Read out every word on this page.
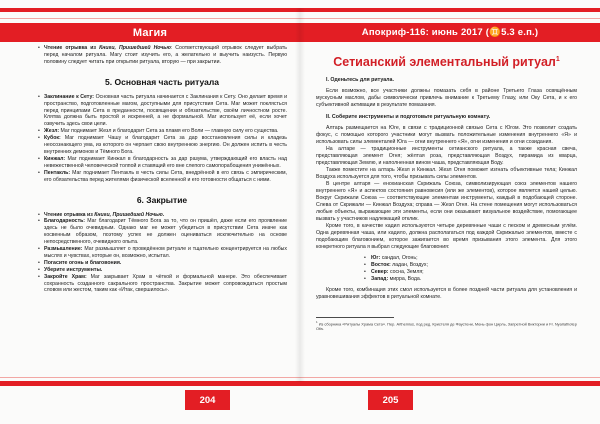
Магия	Апокриф-116: июнь 2017 (♊5.3 е.п.)
• Чтение отрывка из Книги, Пришедшей Ночью: Соответствующий отрывок следует выбрать перед началом ритуала. Магу стоит изучить его, а желательно и выучить наизусть. Первую половину следует читать при открытии ритуала, вторую — при закрытии.
5. Основная часть ритуала
• Заклинание к Сету: Основная часть ритуала начинается с Заклинания к Сету. Оно делает время и пространство, подготовленные магом, доступными для присутствия Сета. Маг может поклясться перед принципами Сета в преданности, посвящении и обязательстве, своём личностном росте. Клятва должна быть простой и искренней, а не формальной. Маг использует её, если хочет озвучить здесь свои цели.
• Жезл: Маг поднимает Жезл и благодарит Сета за пламя его Воли — главную силу его существа.
• Кубок: Маг поднимает Чашу и благодарит Сета за дар восстановления силы и кладезь неосознающего ума, из которого он черпает свою внутреннюю энергию. Он должен испить в честь внутренних демонов и Тёмного Бога.
• Кинжал: Маг поднимает Кинжал в благодарность за дар разума, утверждающий его власть над невежественной человеческой толпой и ставящий его вне слепого самопорабощения унижённых.
• Пентакль: Маг поднимает Пентакль в честь силы Сета, внедрённой в его связь с эмпирическим, его обязательства перед жителями физической вселенной и его готовности общаться с ними.
6. Закрытие
• Чтение отрывка из Книги, Пришедшей Ночью.
• Благодарность: Маг благодарит Тёмного Бога за то, что он пришёл, даже если его проявление здесь не было очевидным. Однако маг не может убедиться в присутствии Сета иначе как косвенным образом, поэтому успех не должен оцениваться исключительно на основе непосредственного, очевидного опыта.
• Размышление: Маг размышляет о проведённом ритуале и тщательно концентрируется на любых мыслях и чувствах, которые он, возможно, испытал.
• Погасите огонь и благовония.
• Уберите инструменты.
• Закройте Храм: Маг закрывает Храм в чёткой и формальной манере. Это обеспечивает сохранность созданного сакрального пространства. Закрытие может сопровождаться простым словом или жестом, таким как «Итак, свершилось».
Сетианский элементальный ритуал$^1$
I. Оденьтесь для ритуала.

Если возможно, все участники должны помазать себя в районе Третьего Глаза освящённым мускусным маслом, дабы символически привлечь внимание к Третьему Глазу, или Оку Сета, и к его субъективной активации в результате помазания.

II. Соберите инструменты и подготовьте ритуальную комнату.

Алтарь размещается на Юге, в связи с традиционной связью Сета с Югом. Это позволит создать фокус, с помощью которого участники могут вызвать положительные изменения внутреннего «Я» и использовать силы элементалей Юга — огни внутреннего «Я», огни изменения и огни созидания.

На алтаре — традиционные инструменты сетианского ритуала, а также красная свеча, представляющая элемент Огня; жёлтая роза, представляющая Воздух, пирамида из кварца, представляющая Землю, и наполненная вином чаша, представляющая Воду.

Также поместите на алтарь Жезл и Кинжал. Жезл Огня поможет изгнать объективные тела; Кинжал Воздуха используется для того, чтобы призывать силы элементов.

В центре алтаря — енохианская Скрижаль Союза, символизирующая союз элементов нашего внутреннего «Я» и аспектов состояния равновесия (или же элементов), которое является нашей целью. Вокруг Скрижали Союза — соответствующие элементам инструменты, каждый в подобающей стороне. Слева от Скрижали — Кинжал Воздуха; справа — Жезл Огня. На стене помещения могут использоваться любые объекты, выражающие эти элементы, если они оказывают визуальное воздействие, помогающее вызвать у участников надлежащий отклик.

Кроме того, в качестве кадил используются четыре деревянные чаши с песком и древесным углём. Одна деревянная чаша, или кадило, должна располагаться под каждой Скрижалью элементов, вместе с подобающим благовонием, которое зажигается во время призывания этого элемента. Для этого конкретного ритуала я выбрал следующие благовония:

• Юг: сандал, Огонь;
• Восток: ладан, Воздух;
• Север: сосна, Земля;
• Запад: мирра, Вода.

Кроме того, комбинация этих смол используется в более поздней части ритуала для установления и уравновешивания эффектов в ритуальной комнате.

$^1$ Из сборника «Ритуалы Храма Сета». Пер. Arthemius, под ред. Кристеля де Фаустени, Мень фон Цирль, Запретной Виктории и Fr. Nyarlathotep Otis.
204	205
